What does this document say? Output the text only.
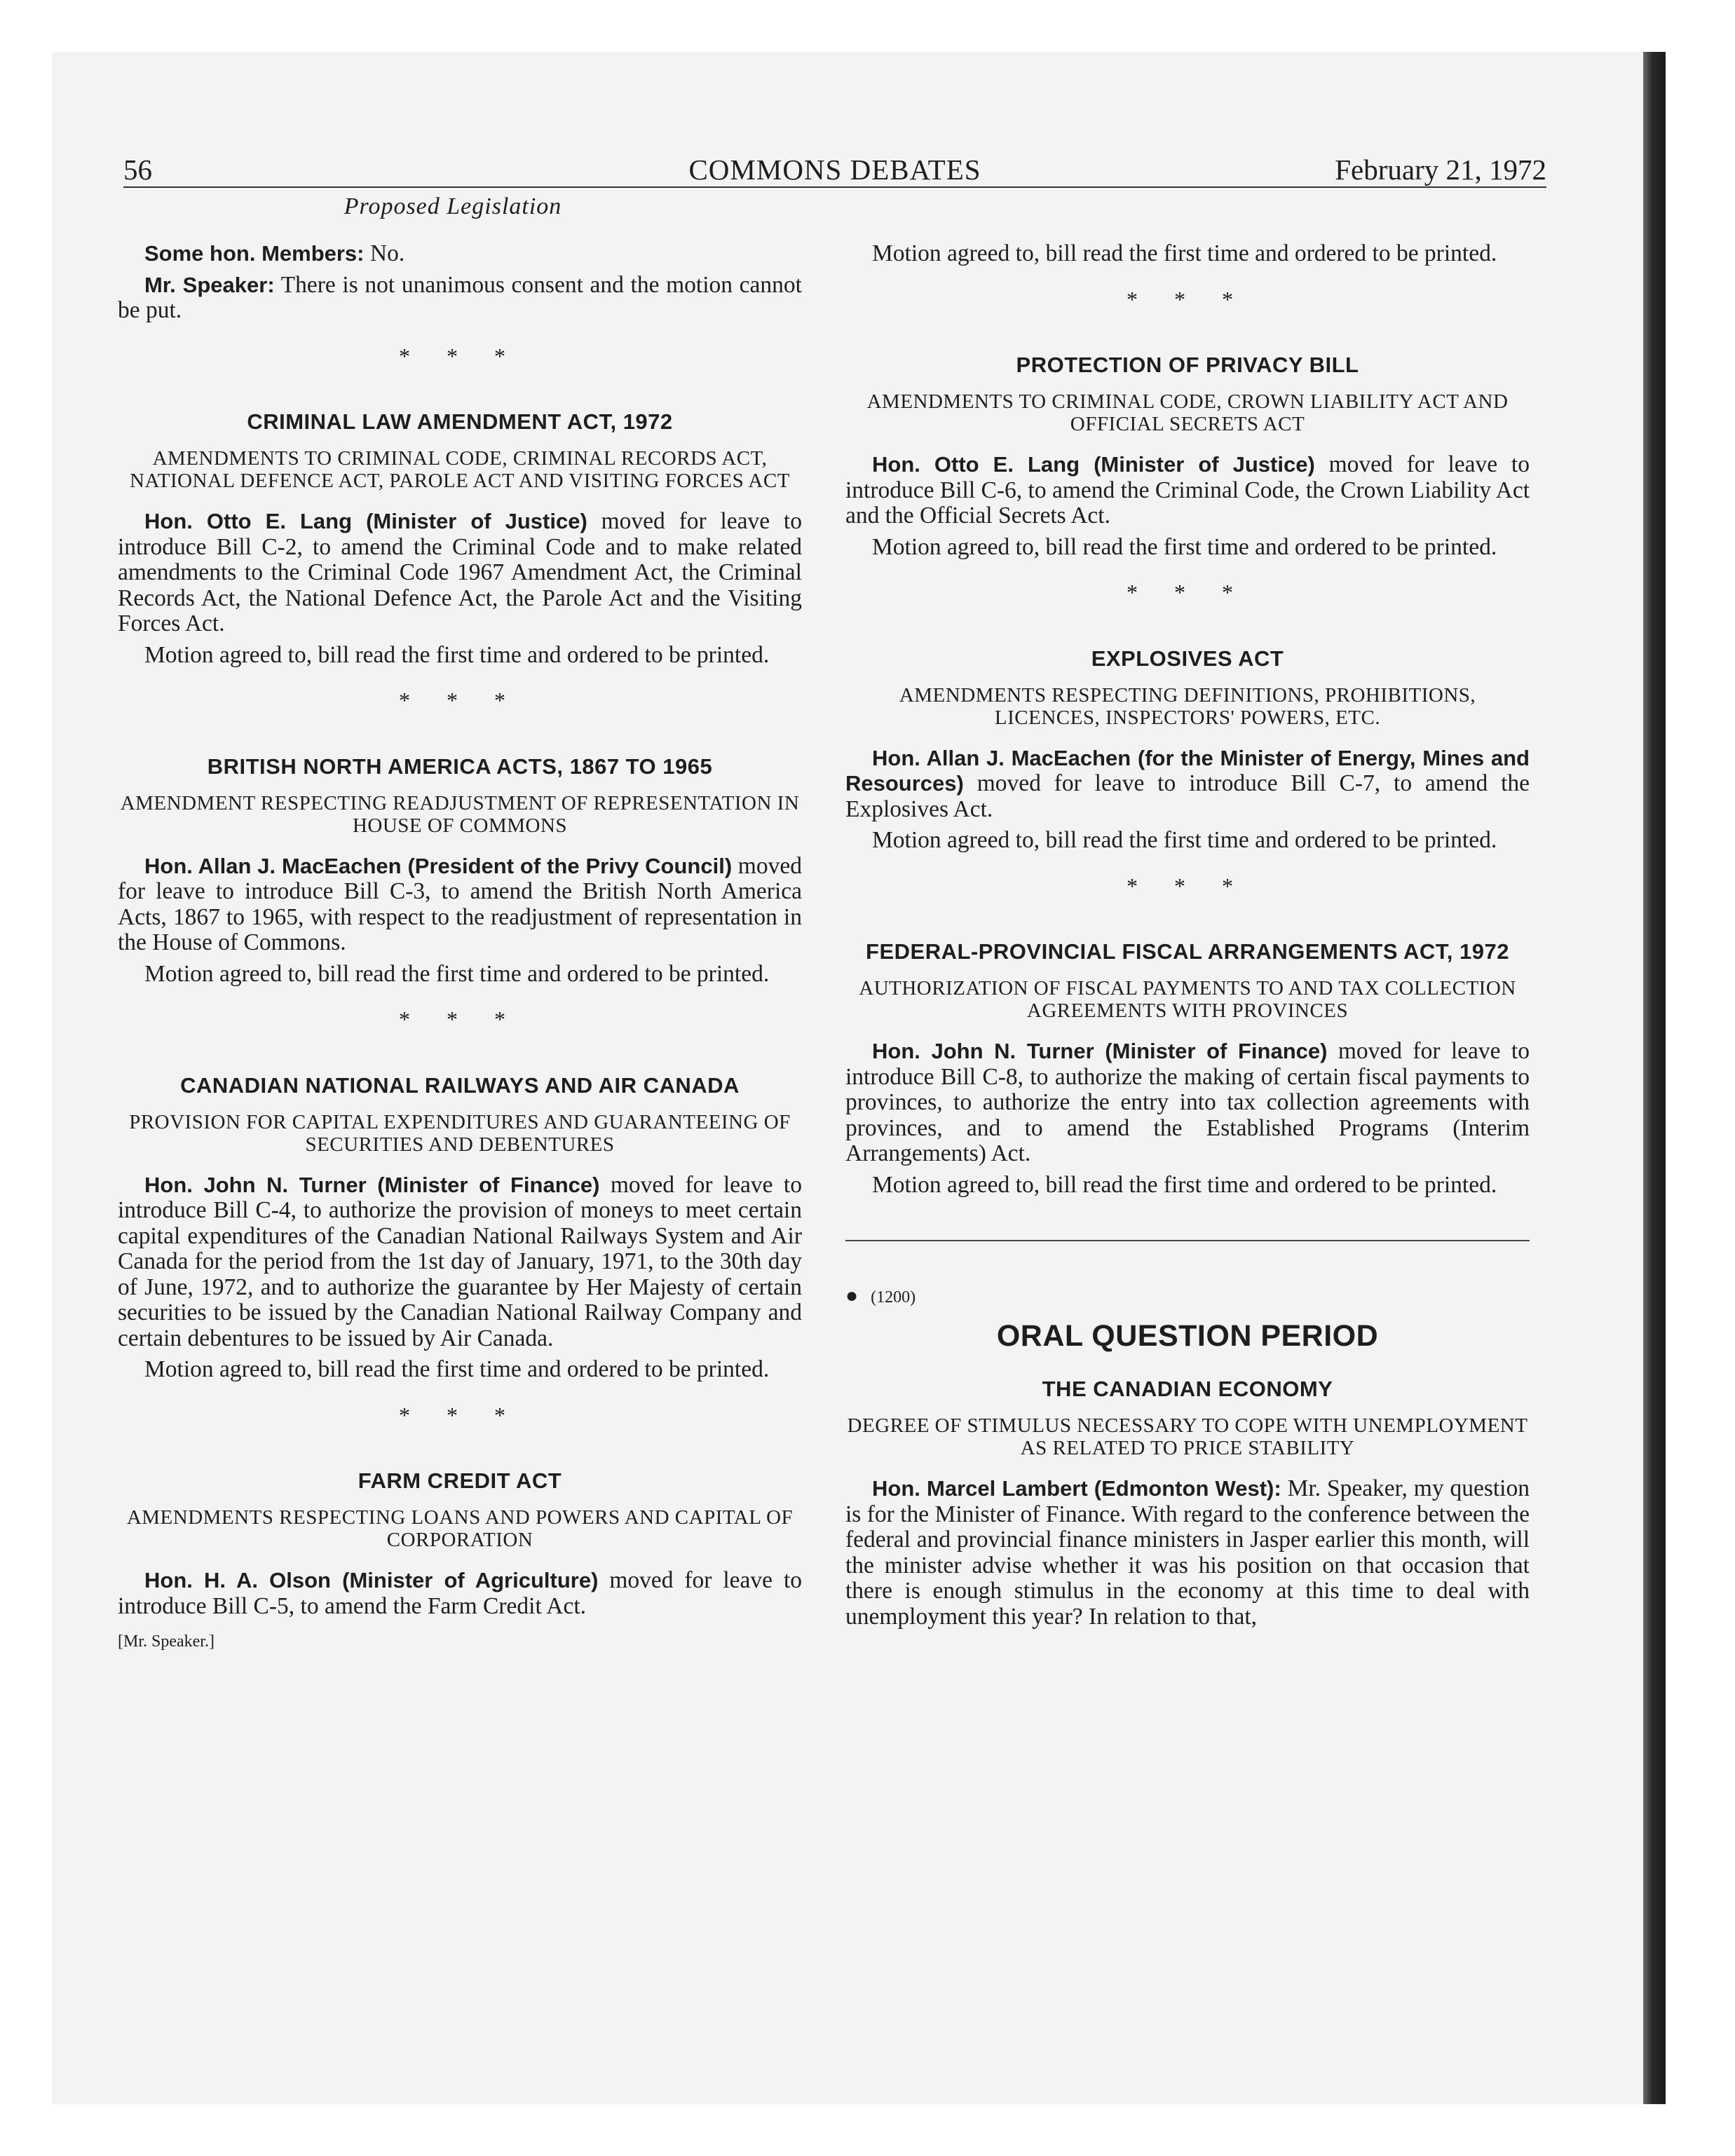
56	COMMONS DEBATES	February 21, 1972
Proposed Legislation

Some hon. Members: No.

Mr. Speaker: There is not unanimous consent and the motion cannot be put.

* * *
CRIMINAL LAW AMENDMENT ACT, 1972
AMENDMENTS TO CRIMINAL CODE, CRIMINAL RECORDS ACT, NATIONAL DEFENCE ACT, PAROLE ACT AND VISITING FORCES ACT

Hon. Otto E. Lang (Minister of Justice) moved for leave to introduce Bill C-2, to amend the Criminal Code and to make related amendments to the Criminal Code 1967 Amendment Act, the Criminal Records Act, the National Defence Act, the Parole Act and the Visiting Forces Act.

Motion agreed to, bill read the first time and ordered to be printed.

* * *
BRITISH NORTH AMERICA ACTS, 1867 TO 1965
AMENDMENT RESPECTING READJUSTMENT OF REPRESENTATION IN HOUSE OF COMMONS

Hon. Allan J. MacEachen (President of the Privy Council) moved for leave to introduce Bill C-3, to amend the British North America Acts, 1867 to 1965, with respect to the readjustment of representation in the House of Commons.

Motion agreed to, bill read the first time and ordered to be printed.

* * *
CANADIAN NATIONAL RAILWAYS AND AIR CANADA
PROVISION FOR CAPITAL EXPENDITURES AND GUARANTEEING OF SECURITIES AND DEBENTURES

Hon. John N. Turner (Minister of Finance) moved for leave to introduce Bill C-4, to authorize the provision of moneys to meet certain capital expenditures of the Canadian National Railways System and Air Canada for the period from the 1st day of January, 1971, to the 30th day of June, 1972, and to authorize the guarantee by Her Majesty of certain securities to be issued by the Canadian National Railway Company and certain debentures to be issued by Air Canada.

Motion agreed to, bill read the first time and ordered to be printed.

* * *
FARM CREDIT ACT
AMENDMENTS RESPECTING LOANS AND POWERS AND CAPITAL OF CORPORATION

Hon. H. A. Olson (Minister of Agriculture) moved for leave to introduce Bill C-5, to amend the Farm Credit Act.

[Mr. Speaker.]

Motion agreed to, bill read the first time and ordered to be printed.

* * *
PROTECTION OF PRIVACY BILL
AMENDMENTS TO CRIMINAL CODE, CROWN LIABILITY ACT AND OFFICIAL SECRETS ACT

Hon. Otto E. Lang (Minister of Justice) moved for leave to introduce Bill C-6, to amend the Criminal Code, the Crown Liability Act and the Official Secrets Act.

Motion agreed to, bill read the first time and ordered to be printed.

* * *
EXPLOSIVES ACT
AMENDMENTS RESPECTING DEFINITIONS, PROHIBITIONS, LICENCES, INSPECTORS' POWERS, ETC.

Hon. Allan J. MacEachen (for the Minister of Energy, Mines and Resources) moved for leave to introduce Bill C-7, to amend the Explosives Act.

Motion agreed to, bill read the first time and ordered to be printed.

* * *
FEDERAL-PROVINCIAL FISCAL ARRANGEMENTS ACT, 1972
AUTHORIZATION OF FISCAL PAYMENTS TO AND TAX COLLECTION AGREEMENTS WITH PROVINCES

Hon. John N. Turner (Minister of Finance) moved for leave to introduce Bill C-8, to authorize the making of certain fiscal payments to provinces, to authorize the entry into tax collection agreements with provinces, and to amend the Established Programs (Interim Arrangements) Act.

Motion agreed to, bill read the first time and ordered to be printed.

● (1200)
ORAL QUESTION PERIOD
THE CANADIAN ECONOMY
DEGREE OF STIMULUS NECESSARY TO COPE WITH UNEMPLOYMENT AS RELATED TO PRICE STABILITY

Hon. Marcel Lambert (Edmonton West): Mr. Speaker, my question is for the Minister of Finance. With regard to the conference between the federal and provincial finance ministers in Jasper earlier this month, will the minister advise whether it was his position on that occasion that there is enough stimulus in the economy at this time to deal with unemployment this year? In relation to that,
